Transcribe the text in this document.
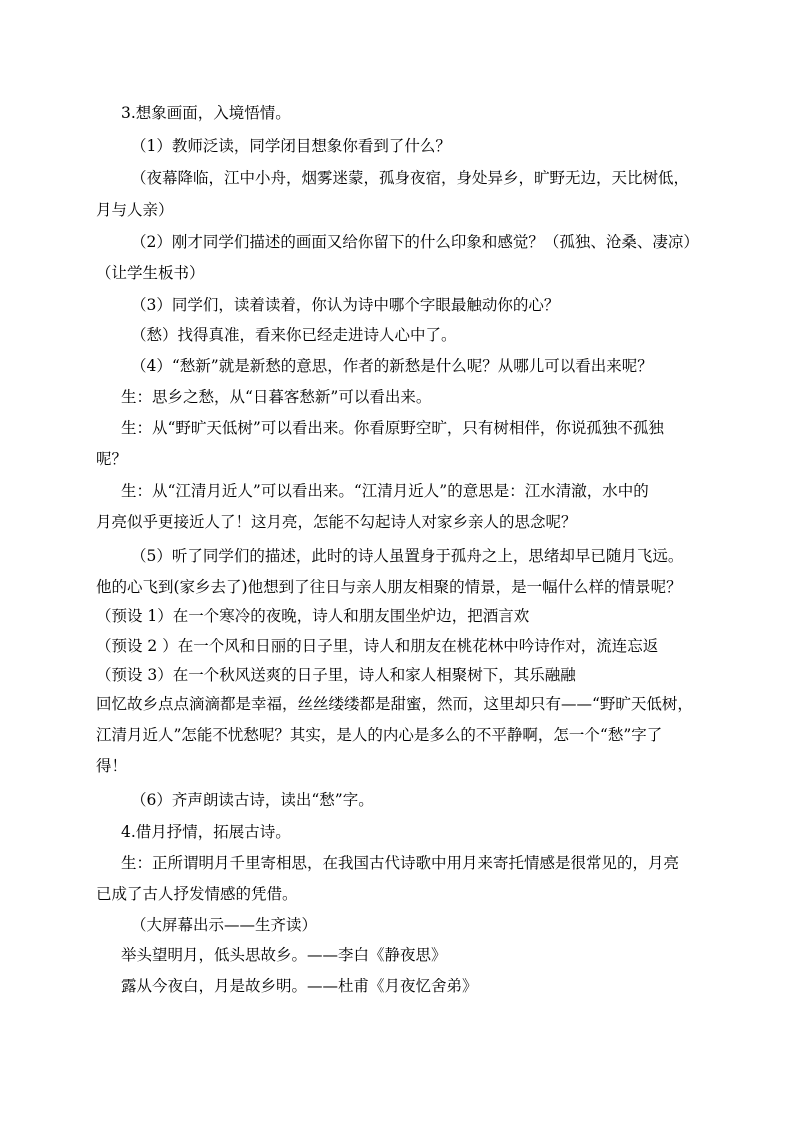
3.想象画面，入境悟情。
（1）教师泛读，同学闭目想象你看到了什么？
（夜幕降临，江中小舟，烟雾迷蒙，孤身夜宿，身处异乡，旷野无边，天比树低，
月与人亲）
（2）刚才同学们描述的画面又给你留下的什么印象和感觉？（孤独、沧桑、凄凉）
（让学生板书）
（3）同学们，读着读着，你认为诗中哪个字眼最触动你的心？
（愁）找得真准，看来你已经走进诗人心中了。
（4）“愁新”就是新愁的意思，作者的新愁是什么呢？从哪儿可以看出来呢？
生：思乡之愁，从“日暮客愁新”可以看出来。
生：从“野旷天低树”可以看出来。你看原野空旷，只有树相伴，你说孤独不孤独
呢？
生：从“江清月近人”可以看出来。“江清月近人”的意思是：江水清澈，水中的
月亮似乎更接近人了！这月亮，怎能不勾起诗人对家乡亲人的思念呢？
（5）听了同学们的描述，此时的诗人虽置身于孤舟之上，思绪却早已随月飞远。
他的心飞到(家乡去了)他想到了往日与亲人朋友相聚的情景，是一幅什么样的情景呢？
（预设 1）在一个寒冷的夜晚，诗人和朋友围坐炉边，把酒言欢
（预设 2 ）在一个风和日丽的日子里，诗人和朋友在桃花林中吟诗作对，流连忘返
（预设 3）在一个秋风送爽的日子里，诗人和家人相聚树下，其乐融融
回忆故乡点点滴滴都是幸福，丝丝缕缕都是甜蜜，然而，这里却只有——“野旷天低树，
江清月近人”怎能不忧愁呢？其实，是人的内心是多么的不平静啊，怎一个“愁”字了
得！
（6）齐声朗读古诗，读出“愁”字。
4.借月抒情，拓展古诗。
生：正所谓明月千里寄相思，在我国古代诗歌中用月来寄托情感是很常见的，月亮
已成了古人抒发情感的凭借。
（大屏幕出示——生齐读）
举头望明月，低头思故乡。——李白《静夜思》
露从今夜白，月是故乡明。——杜甫《月夜忆舍弟》
